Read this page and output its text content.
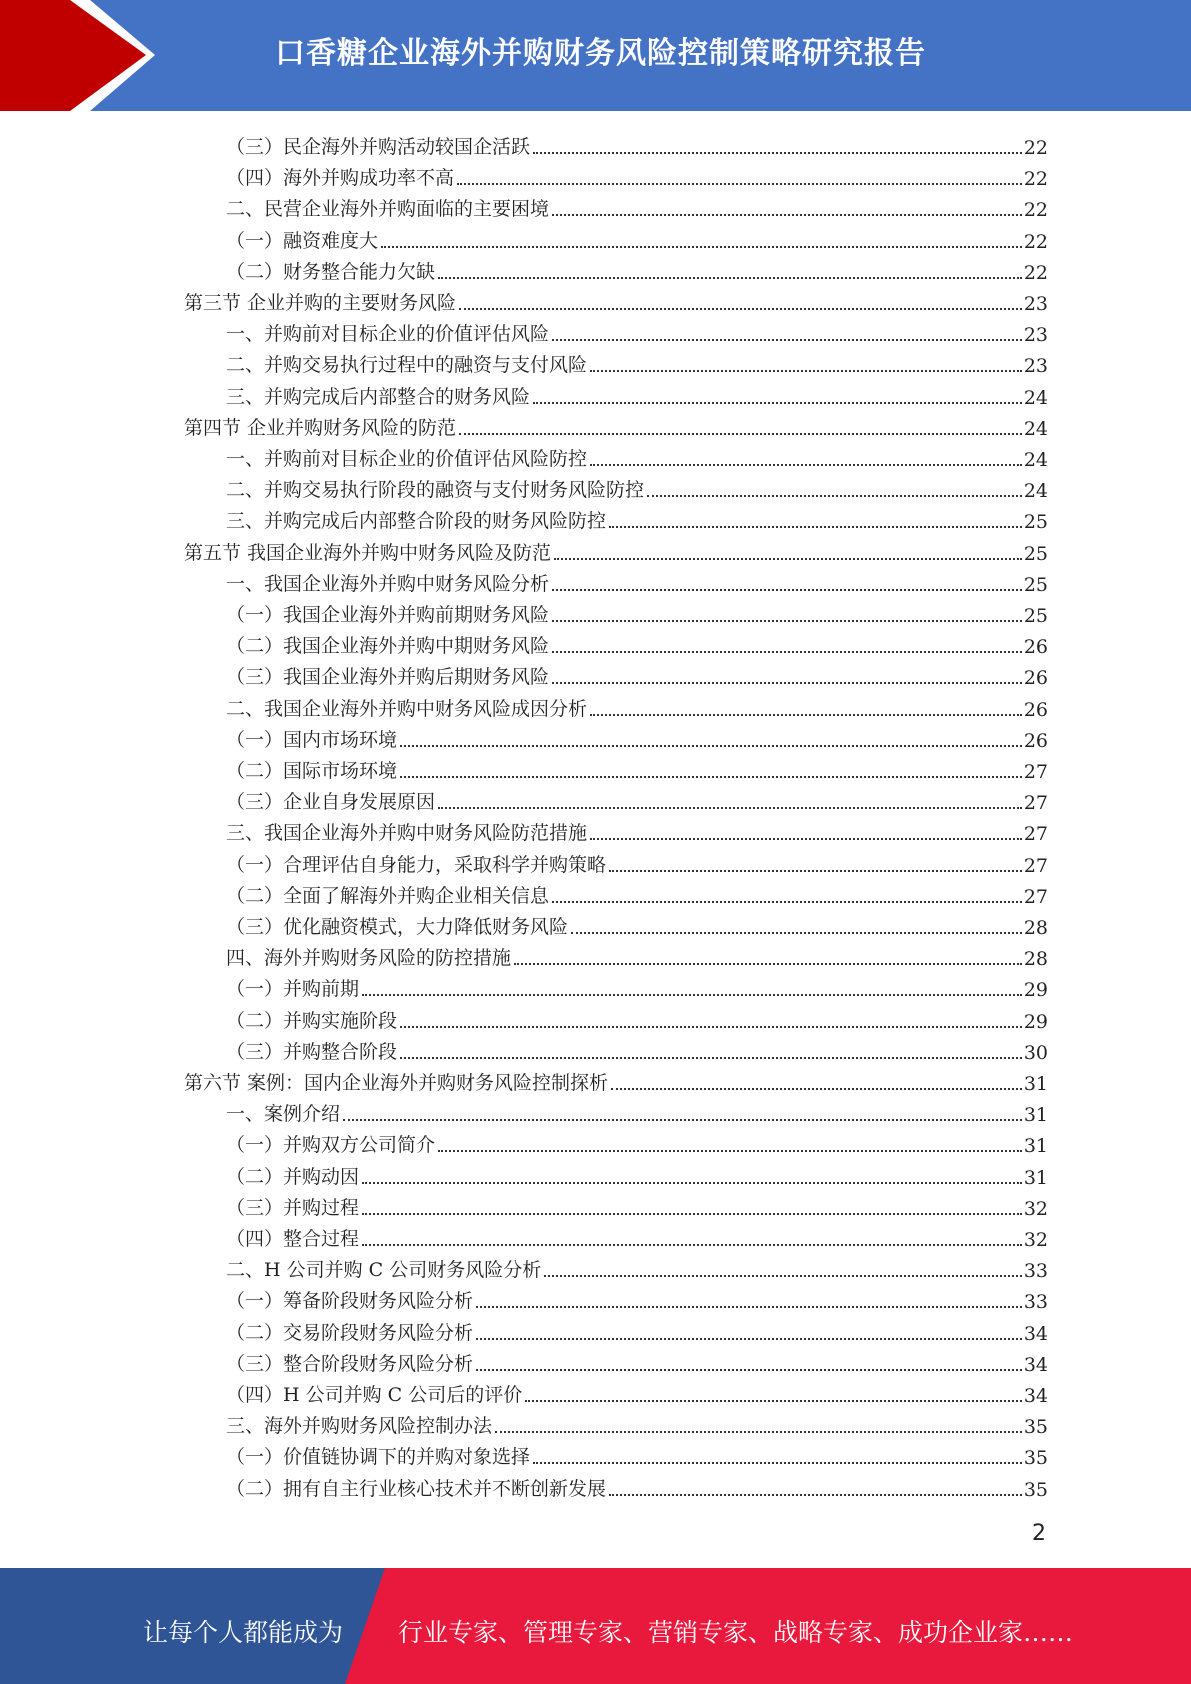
口香糖企业海外并购财务风险控制策略研究报告
（三）民企海外并购活动较国企活跃	22
（四）海外并购成功率不高	22
二、民营企业海外并购面临的主要困境	22
（一）融资难度大	22
（二）财务整合能力欠缺	22
第三节 企业并购的主要财务风险	23
一、并购前对目标企业的价值评估风险	23
二、并购交易执行过程中的融资与支付风险	23
三、并购完成后内部整合的财务风险	24
第四节 企业并购财务风险的防范	24
一、并购前对目标企业的价值评估风险防控	24
二、并购交易执行阶段的融资与支付财务风险防控	24
三、并购完成后内部整合阶段的财务风险防控	25
第五节 我国企业海外并购中财务风险及防范	25
一、我国企业海外并购中财务风险分析	25
（一）我国企业海外并购前期财务风险	25
（二）我国企业海外并购中期财务风险	26
（三）我国企业海外并购后期财务风险	26
二、我国企业海外并购中财务风险成因分析	26
（一）国内市场环境	26
（二）国际市场环境	27
（三）企业自身发展原因	27
三、我国企业海外并购中财务风险防范措施	27
（一）合理评估自身能力，采取科学并购策略	27
（二）全面了解海外并购企业相关信息	27
（三）优化融资模式，大力降低财务风险	28
四、海外并购财务风险的防控措施	28
（一）并购前期	29
（二）并购实施阶段	29
（三）并购整合阶段	30
第六节 案例：国内企业海外并购财务风险控制探析	31
一、案例介绍	31
（一）并购双方公司简介	31
（二）并购动因	31
（三）并购过程	32
（四）整合过程	32
二、H 公司并购 C 公司财务风险分析	33
（一）筹备阶段财务风险分析	33
（二）交易阶段财务风险分析	34
（三）整合阶段财务风险分析	34
（四）H 公司并购 C 公司后的评价	34
三、海外并购财务风险控制办法	35
（一）价值链协调下的并购对象选择	35
（二）拥有自主行业核心技术并不断创新发展	35
2
让每个人都能成为 行业专家、管理专家、营销专家、战略专家、成功企业家……
